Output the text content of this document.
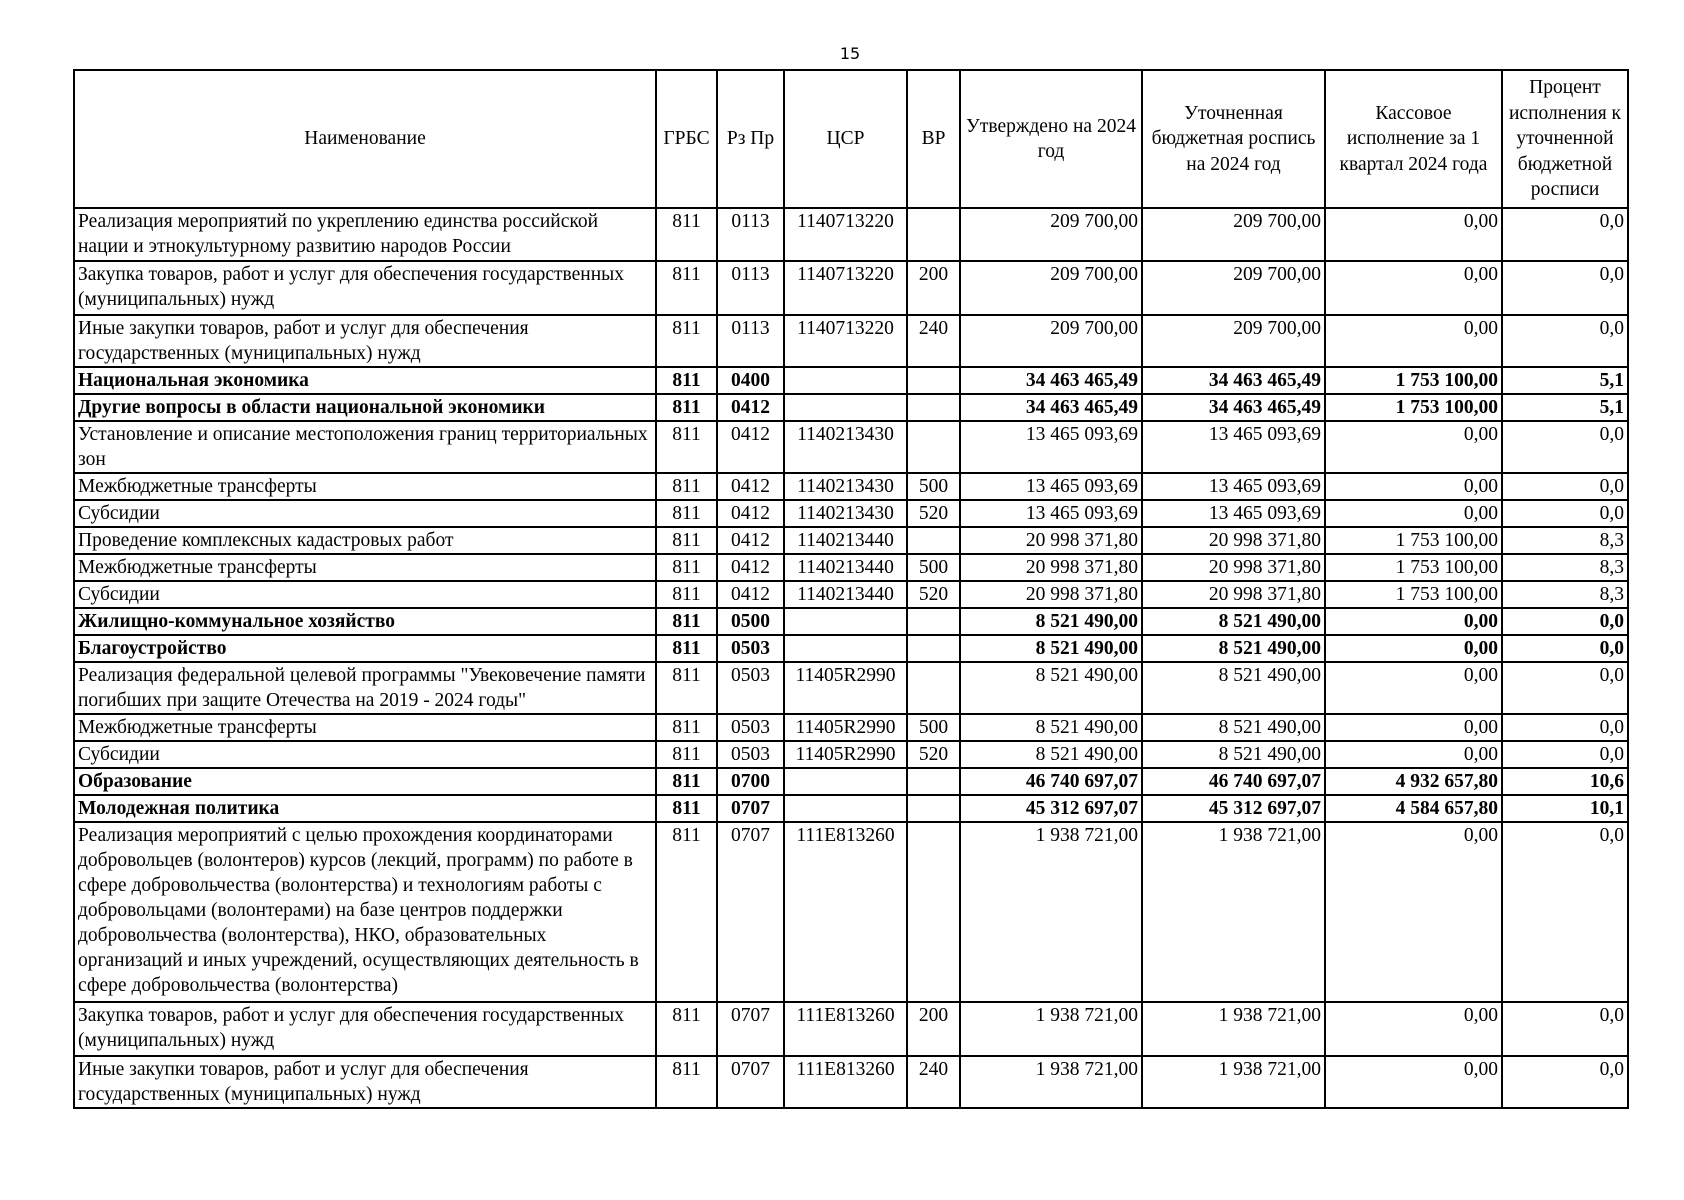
15
Наименование	ГРБС	Рз Пр	ЦСР	ВР	Утверждено на 2024 год	Уточненная бюджетная роспись на 2024 год	Кассовое исполнение за 1 квартал 2024 года	Процент исполнения к уточненной бюджетной росписи
Реализация мероприятий по укреплению единства российской нации и этнокультурному развитию народов России	811	0113	1140713220		209 700,00	209 700,00	0,00	0,0
Закупка товаров, работ и услуг для обеспечения государственных (муниципальных) нужд	811	0113	1140713220	200	209 700,00	209 700,00	0,00	0,0
Иные закупки товаров, работ и услуг для обеспечения государственных (муниципальных) нужд	811	0113	1140713220	240	209 700,00	209 700,00	0,00	0,0
Национальная экономика	811	0400			34 463 465,49	34 463 465,49	1 753 100,00	5,1
Другие вопросы в области национальной экономики	811	0412			34 463 465,49	34 463 465,49	1 753 100,00	5,1
Установление и описание местоположения границ территориальных зон	811	0412	1140213430		13 465 093,69	13 465 093,69	0,00	0,0
Межбюджетные трансферты	811	0412	1140213430	500	13 465 093,69	13 465 093,69	0,00	0,0
Субсидии	811	0412	1140213430	520	13 465 093,69	13 465 093,69	0,00	0,0
Проведение комплексных кадастровых работ	811	0412	1140213440		20 998 371,80	20 998 371,80	1 753 100,00	8,3
Межбюджетные трансферты	811	0412	1140213440	500	20 998 371,80	20 998 371,80	1 753 100,00	8,3
Субсидии	811	0412	1140213440	520	20 998 371,80	20 998 371,80	1 753 100,00	8,3
Жилищно-коммунальное хозяйство	811	0500			8 521 490,00	8 521 490,00	0,00	0,0
Благоустройство	811	0503			8 521 490,00	8 521 490,00	0,00	0,0
Реализация федеральной целевой программы "Увековечение памяти погибших при защите Отечества на 2019 - 2024 годы"	811	0503	11405R2990		8 521 490,00	8 521 490,00	0,00	0,0
Межбюджетные трансферты	811	0503	11405R2990	500	8 521 490,00	8 521 490,00	0,00	0,0
Субсидии	811	0503	11405R2990	520	8 521 490,00	8 521 490,00	0,00	0,0
Образование	811	0700			46 740 697,07	46 740 697,07	4 932 657,80	10,6
Молодежная политика	811	0707			45 312 697,07	45 312 697,07	4 584 657,80	10,1
Реализация мероприятий с целью прохождения координаторами добровольцев (волонтеров) курсов (лекций, программ) по работе в сфере добровольчества (волонтерства) и технологиям работы с добровольцами (волонтерами) на базе центров поддержки добровольчества (волонтерства), НКО, образовательных организаций и иных учреждений, осуществляющих деятельность в сфере добровольчества (волонтерства)	811	0707	111E813260		1 938 721,00	1 938 721,00	0,00	0,0
Закупка товаров, работ и услуг для обеспечения государственных (муниципальных) нужд	811	0707	111E813260	200	1 938 721,00	1 938 721,00	0,00	0,0
Иные закупки товаров, работ и услуг для обеспечения государственных (муниципальных) нужд	811	0707	111E813260	240	1 938 721,00	1 938 721,00	0,00	0,0
